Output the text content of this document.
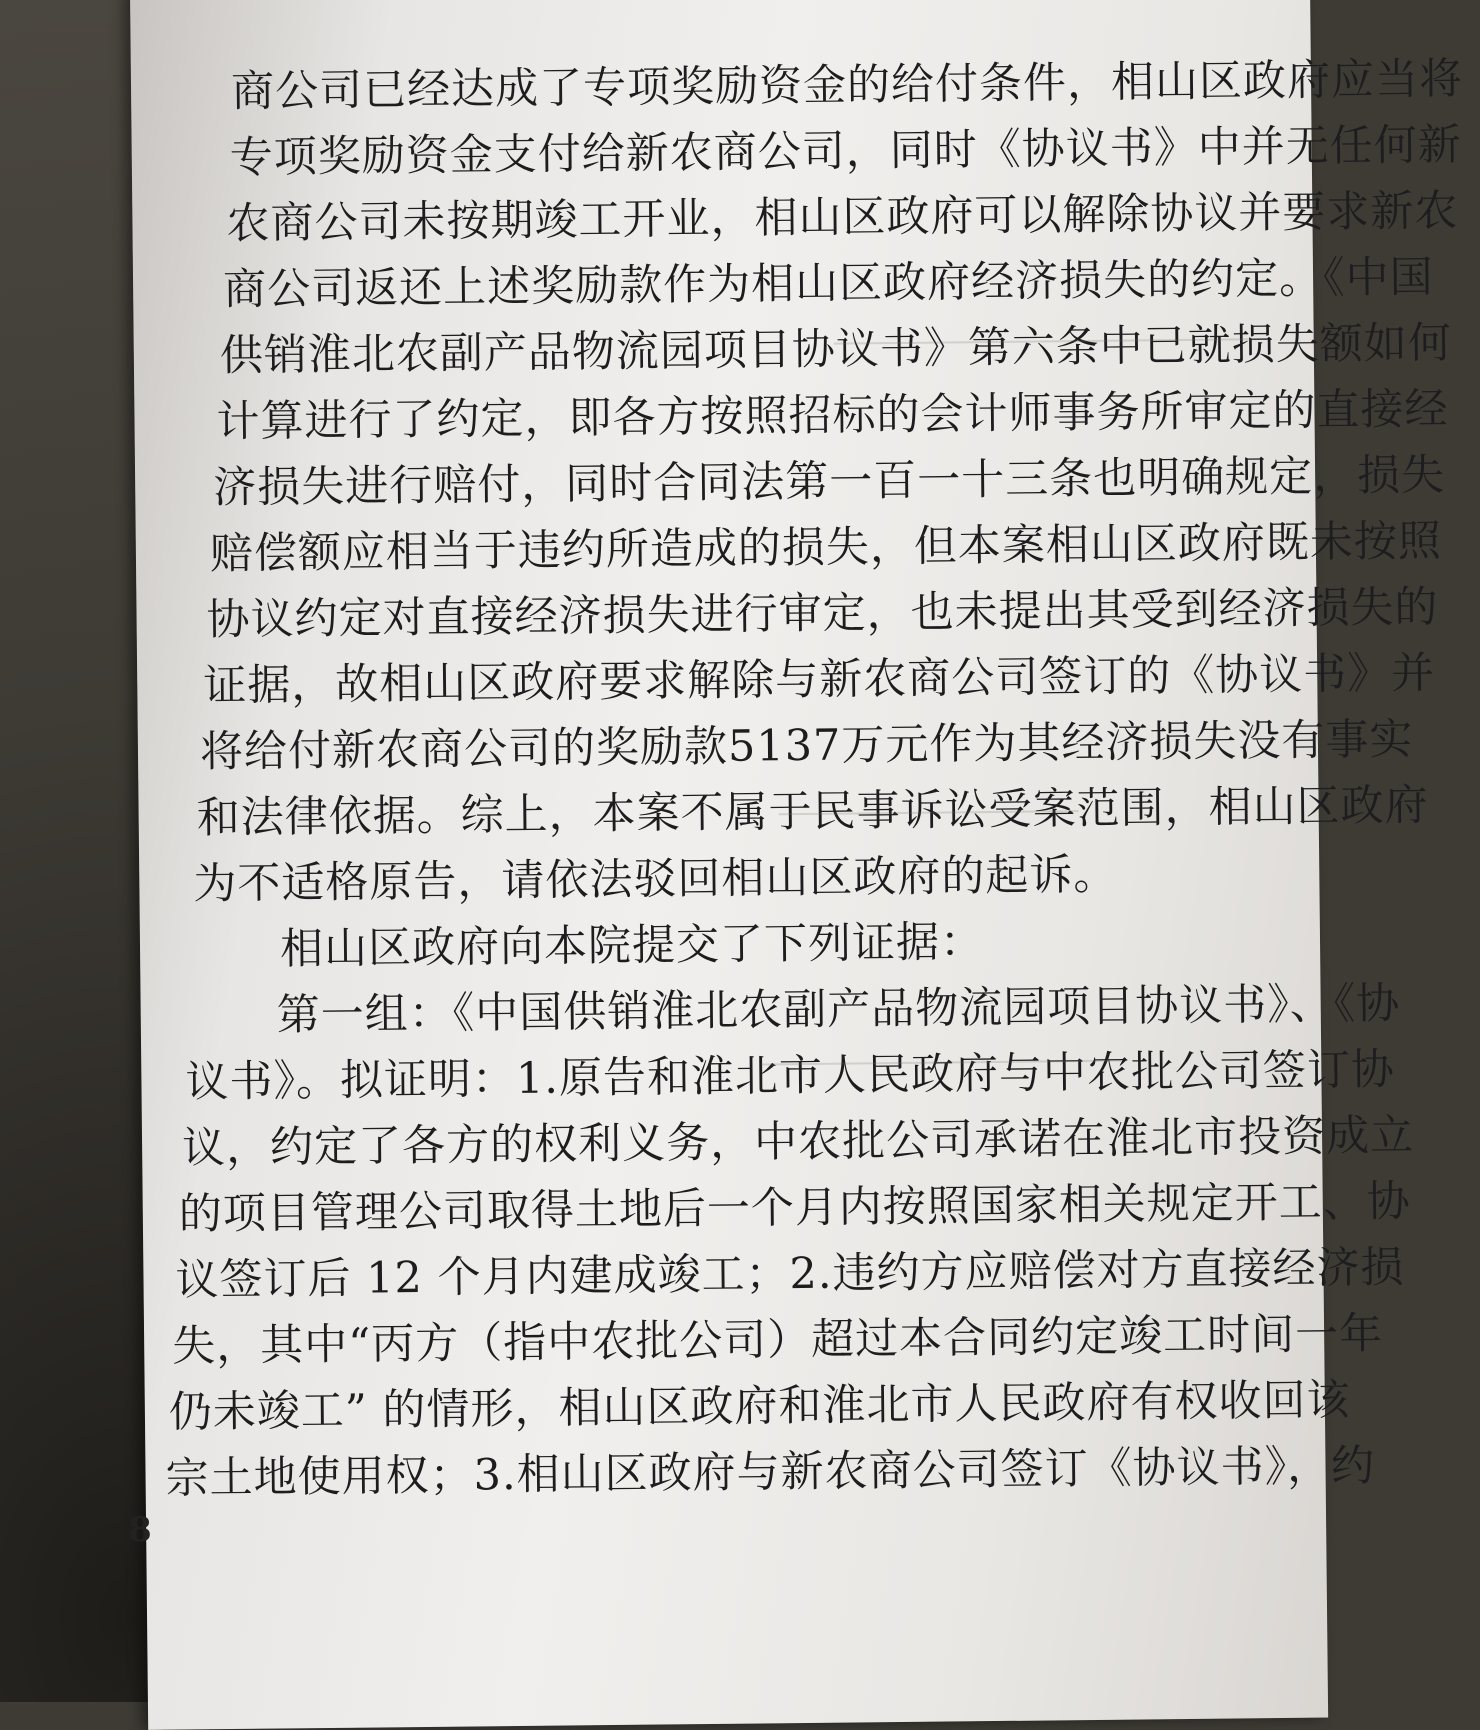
商公司已经达成了专项奖励资金的给付条件，相山区政府应当将
专项奖励资金支付给新农商公司，同时《协议书》中并无任何新
农商公司未按期竣工开业，相山区政府可以解除协议并要求新农
商公司返还上述奖励款作为相山区政府经济损失的约定。《中国
供销淮北农副产品物流园项目协议书》第六条中已就损失额如何
计算进行了约定，即各方按照招标的会计师事务所审定的直接经
济损失进行赔付，同时合同法第一百一十三条也明确规定，损失
赔偿额应相当于违约所造成的损失，但本案相山区政府既未按照
协议约定对直接经济损失进行审定，也未提出其受到经济损失的
证据，故相山区政府要求解除与新农商公司签订的《协议书》并
将给付新农商公司的奖励款5137万元作为其经济损失没有事实
和法律依据。综上，本案不属于民事诉讼受案范围，相山区政府
为不适格原告，请依法驳回相山区政府的起诉。
　　相山区政府向本院提交了下列证据：
　　第一组：《中国供销淮北农副产品物流园项目协议书》、《协
议书》。拟证明：1.原告和淮北市人民政府与中农批公司签订协
议，约定了各方的权利义务，中农批公司承诺在淮北市投资成立
的项目管理公司取得土地后一个月内按照国家相关规定开工、协
议签订后 12 个月内建成竣工；2.违约方应赔偿对方直接经济损
失，其中“丙方（指中农批公司）超过本合同约定竣工时间一年
仍未竣工” 的情形，相山区政府和淮北市人民政府有权收回该
宗土地使用权；3.相山区政府与新农商公司签订《协议书》，约
8
